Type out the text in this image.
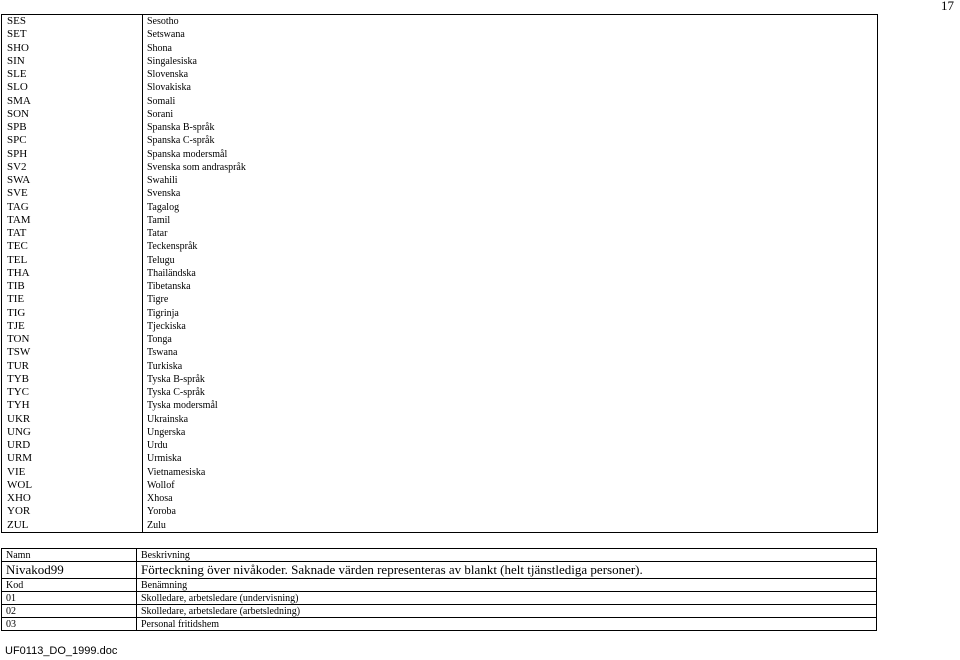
17
SES	Sesotho
SET	Setswana
SHO	Shona
SIN	Singalesiska
SLE	Slovenska
SLO	Slovakiska
SMA	Somali
SON	Sorani
SPB	Spanska B-språk
SPC	Spanska C-språk
SPH	Spanska modersmål
SV2	Svenska som andraspråk
SWA	Swahili
SVE	Svenska
TAG	Tagalog
TAM	Tamil
TAT	Tatar
TEC	Teckenspråk
TEL	Telugu
THA	Thailändska
TIB	Tibetanska
TIE	Tigre
TIG	Tigrinja
TJE	Tjeckiska
TON	Tonga
TSW	Tswana
TUR	Turkiska
TYB	Tyska B-språk
TYC	Tyska C-språk
TYH	Tyska modersmål
UKR	Ukrainska
UNG	Ungerska
URD	Urdu
URM	Urmiska
VIE	Vietnamesiska
WOL	Wollof
XHO	Xhosa
YOR	Yoroba
ZUL	Zulu
Namn	Beskrivning
Nivakod99	Förteckning över nivåkoder. Saknade värden representeras av blankt (helt tjänstlediga personer).
Kod	Benämning
01	Skolledare, arbetsledare (undervisning)
02	Skolledare, arbetsledare (arbetsledning)
03	Personal fritidshem
UF0113_DO_1999.doc
